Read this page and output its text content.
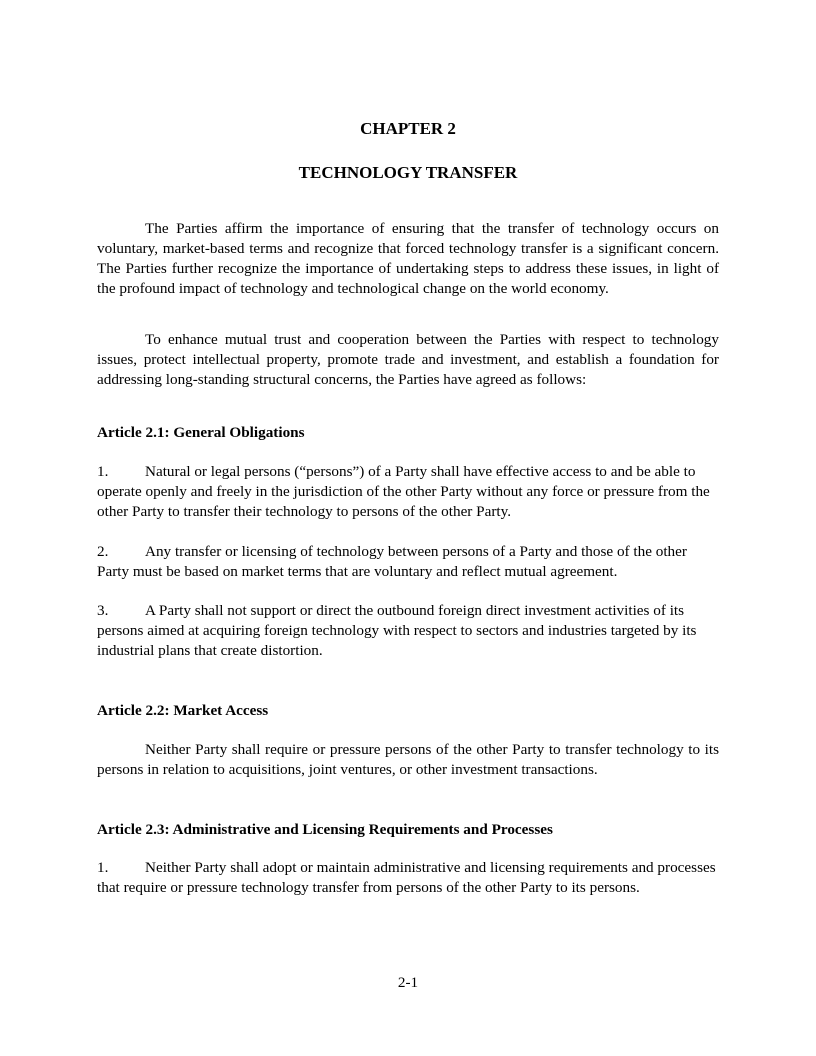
CHAPTER 2

TECHNOLOGY TRANSFER

The Parties affirm the importance of ensuring that the transfer of technology occurs on voluntary, market-based terms and recognize that forced technology transfer is a significant concern. The Parties further recognize the importance of undertaking steps to address these issues, in light of the profound impact of technology and technological change on the world economy.

To enhance mutual trust and cooperation between the Parties with respect to technology issues, protect intellectual property, promote trade and investment, and establish a foundation for addressing long-standing structural concerns, the Parties have agreed as follows:

Article 2.1: General Obligations

1. Natural or legal persons (“persons”) of a Party shall have effective access to and be able to operate openly and freely in the jurisdiction of the other Party without any force or pressure from the other Party to transfer their technology to persons of the other Party.

2. Any transfer or licensing of technology between persons of a Party and those of the other Party must be based on market terms that are voluntary and reflect mutual agreement.

3. A Party shall not support or direct the outbound foreign direct investment activities of its persons aimed at acquiring foreign technology with respect to sectors and industries targeted by its industrial plans that create distortion.

Article 2.2: Market Access

Neither Party shall require or pressure persons of the other Party to transfer technology to its persons in relation to acquisitions, joint ventures, or other investment transactions.

Article 2.3: Administrative and Licensing Requirements and Processes

1. Neither Party shall adopt or maintain administrative and licensing requirements and processes that require or pressure technology transfer from persons of the other Party to its persons.

2-1
